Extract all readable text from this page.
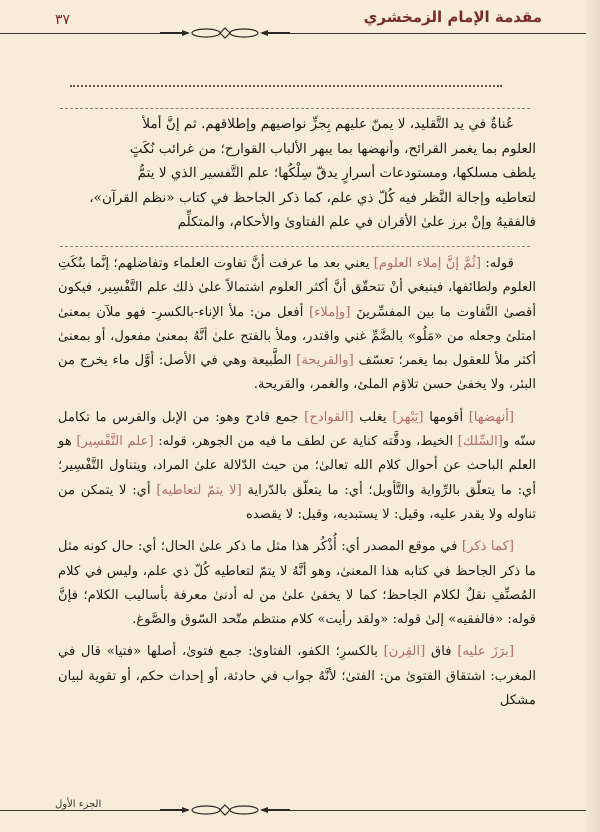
مقدمة الإمام الزمخشري
٣٧

عُناةٌ في يد التَّقليد، لا يمنّ عليهم بِجزِّ نواصيهم وإطلاقهم. ثم إنَّ أملأ

العلوم بما يغمر القرائح، وأنهضها بما يبهر الألباب القوارح؛ من غرائب نُكَتٍ

يلطف مسلكها، ومستودعات أسرارٍ يدقّ سِلْكُها؛ علم التَّفسير الذي لا يتمُّ

لتعاطيه وإجالة النَّظر فيه كُلّ ذي علم، كما ذكر الجاحظ في كتاب «نظم القرآن»،

فالفقيهُ وإنْ برز علىٰ الأقران في علم الفتاوىٰ والأحكام، والمتكلِّم

قوله: [ثُمَّ إنَّ إملاء العلوم] يعني بعد ما عرفت أنَّ تفاوت العلماء وتفاضلهم؛ إنَّما بنُكَتِ العلوم ولطائفها، فينبغي أنْ تتحقّق أنَّ أكثر العلوم اشتمالاً علىٰ ذلك علم التَّفْسِير، فيكون أقصىٰ التَّفاوت ما بين المفسِّرينَ [وإملاء] أفعل من: ملأ الإناء-بالكسرِ- فهو ملآن بمعنىٰ امتلئ وجعله من «مَلُو» بالضَّمِّ غني واقتدر، وملأ بالفتح علىٰ أنَّهُ بمعنىٰ مفعول، أو بمعنىٰ أكثر ملأ للعقول بما يغمر؛ تعسّف [والقريحة] الطَّبيعة وهي في الأصل: أوَّل ماء يخرج من البئر، ولا يخفىٰ حسن تلاؤم الملئ، والغمر، والقريحة.

[أنهضها] أقومها [يَبْهر] يغلب [القوادح] جمع قادح وهو: من الإبل والفرس ما تكامل سنّه و[السِّلك] الخيط، ودقَّته كناية عن لطف ما فيه من الجوهر، قوله: [علم التَّفْسِير] هو العلم الباحث عن أحوال كلام الله تعالىٰ؛ من حيث الدّلالة علىٰ المراد، ويتناول التَّفْسِير؛ أي: ما يتعلّق بالرِّواية والتَّأويل؛ أي: ما يتعلّق بالدّراية [لا يتمّ لتعاطيه] أي: لا يتمكن من تناوله ولا يقدر عليه، وقيل: لا يستبديه، وقيل: لا يقصده

[كما ذكر] في موقع المصدر أي: أُذْكُر هذا مثل ما ذكر علىٰ الحال؛ أي: حال كونه مثل ما ذكر الجاحظ في كتابه هذا المعنىٰ، وهو أنَّهُ لا يتمّ لتعاطيه كُلّ ذي علم، وليس في كلام المُصنِّفِ نقلٌ لكلام الجاحظ؛ كما لا يخفىٰ علىٰ من له أدنىٰ معرفة بأساليب الكلام؛ فإنَّ قوله: «فالفقيه» إلىٰ قوله: «ولقد رأيت» كلام منتظم متّحد السّوق والصَّوغ.

[برَزَ عليه] فاق [القِرن] بالكسرِ؛ الكفو، الفتاوىٰ: جمع فتوىٰ، أصلها «فتيا» قال في المغرب: اشتقاق الفتوىٰ من: الفتىٰ؛ لأنَّهُ جواب في حادثة، أو إحداث حكم، أو تقوية لبيان مشكل

الجزء الأول
